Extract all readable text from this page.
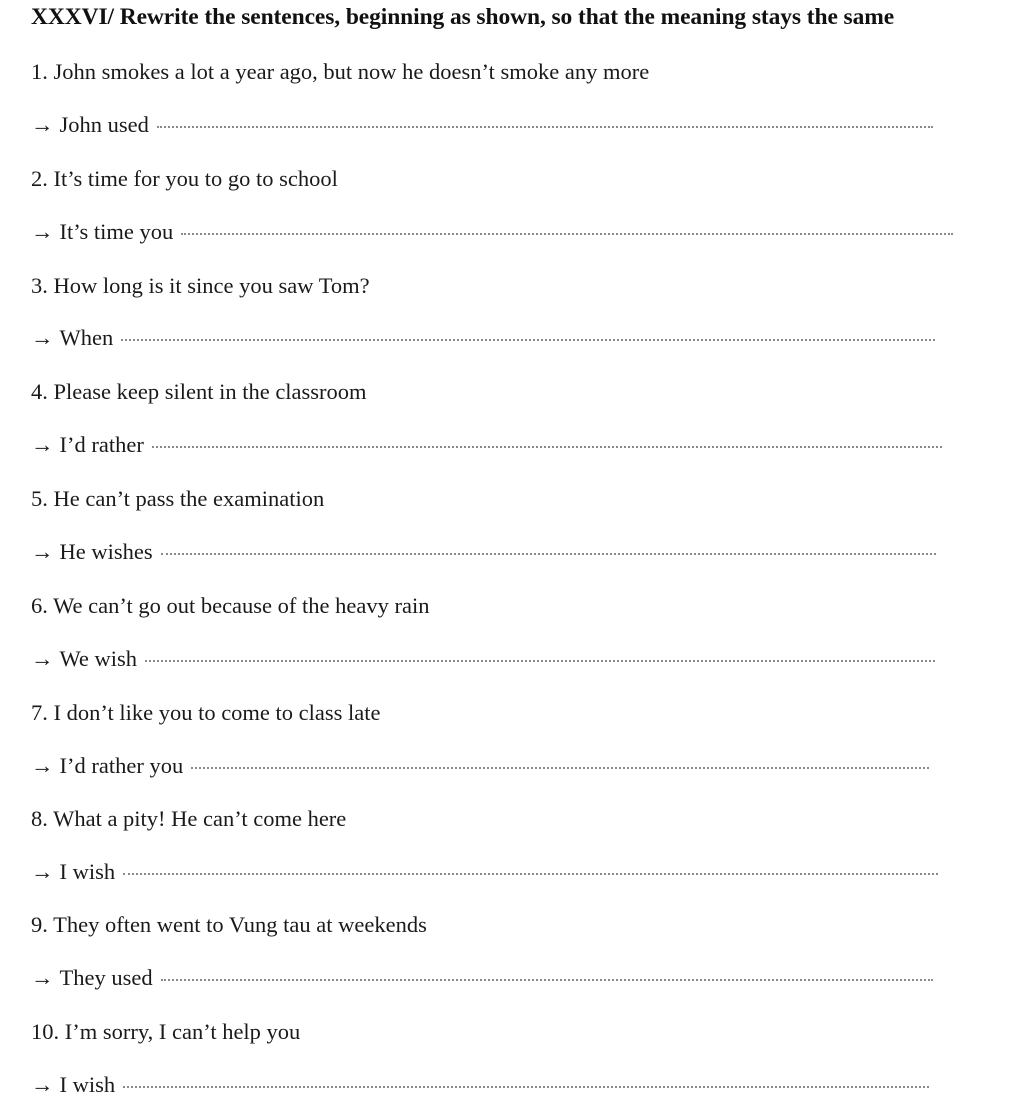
XXXVI/ Rewrite the sentences, beginning as shown, so that the meaning stays the same
1. John smokes a lot a year ago, but now he doesn’t smoke any more
→ John used
2. It’s time for you to go to school
→ It’s time you
3. How long is it since you saw Tom?
→ When
4. Please keep silent in the classroom
→ I’d rather
5. He can’t pass the examination
→ He wishes
6. We can’t go out because of the heavy rain
→ We wish
7. I don’t like you to come to class late
→ I’d rather you
8. What a pity! He can’t come here
→ I wish
9. They often went to Vung tau at weekends
→ They used
10. I’m sorry, I can’t help you
→ I wish
